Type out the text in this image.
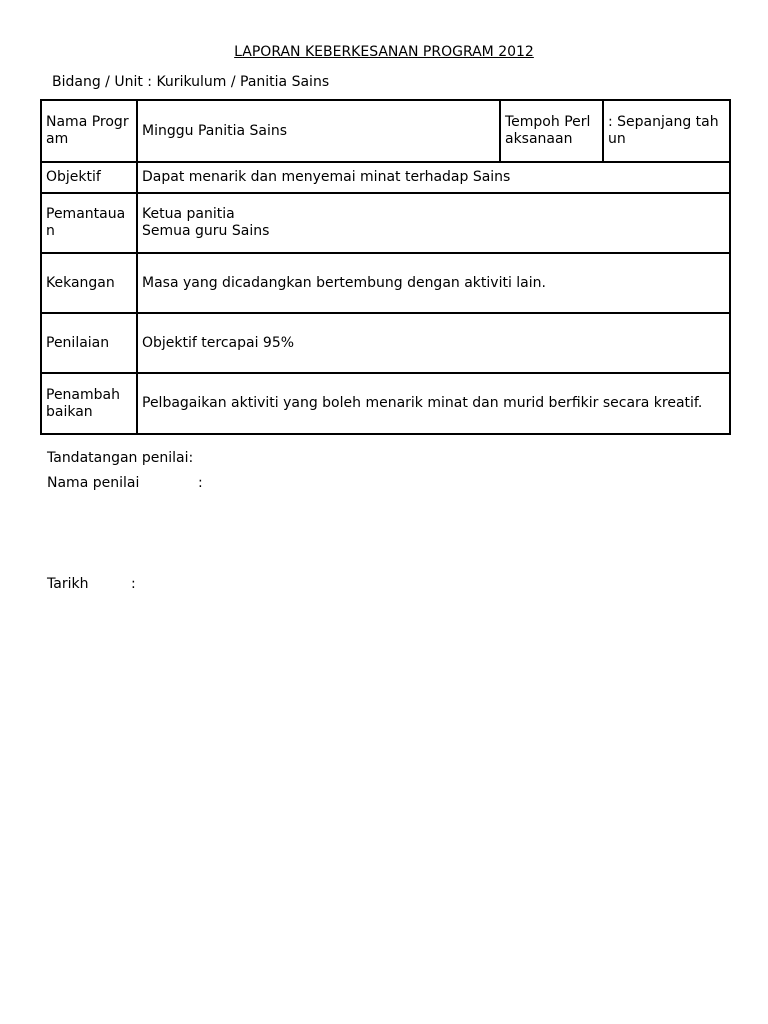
LAPORAN KEBERKESANAN PROGRAM 2012
Bidang / Unit : Kurikulum / Panitia Sains
Nama Program	Minggu Panitia Sains	Tempoh Perlaksanaan	: Sepanjang tahun
Objektif	Dapat menarik dan menyemai minat terhadap Sains		
Pemantauan	Ketua panitia
Semua guru Sains		
Kekangan	Masa yang dicadangkan bertembung dengan aktiviti lain.		
Penilaian	Objektif tercapai 95%		
Penambah baikan	Pelbagaikan aktiviti yang boleh menarik minat dan murid berfikir secara kreatif.		
Tandatangan penilai:
Nama penilai	:
Tarikh	:
